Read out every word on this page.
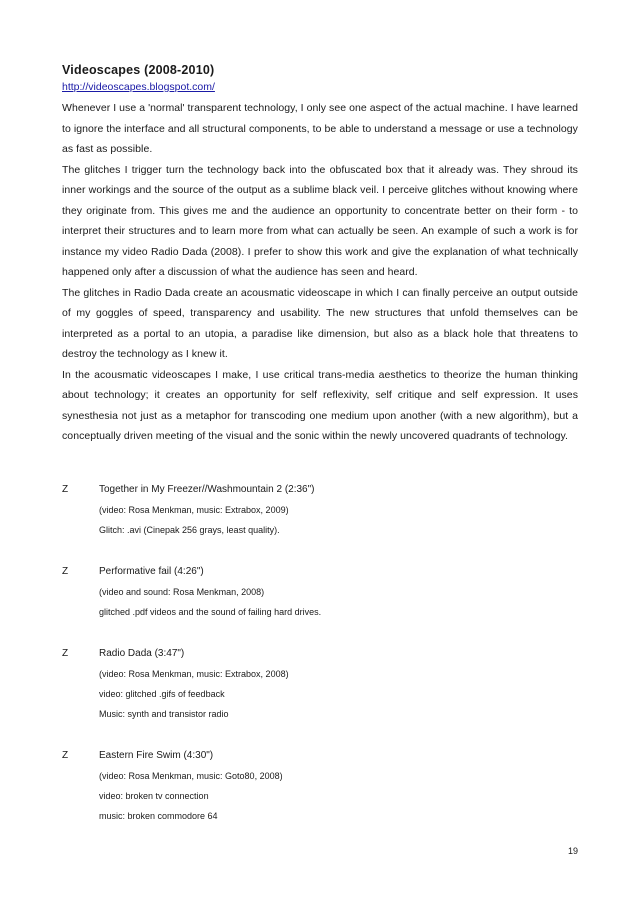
Videoscapes (2008-2010)
http://videoscapes.blogspot.com/

Whenever I use a 'normal' transparent technology, I only see one aspect of the actual machine. I have learned to ignore the interface and all structural components, to be able to understand a message or use a technology as fast as possible.

The glitches I trigger turn the technology back into the obfuscated box that it already was. They shroud its inner workings and the source of the output as a sublime black veil. I perceive glitches without knowing where they originate from. This gives me and the audience an opportunity to concentrate better on their form - to interpret their structures and to learn more from what can actually be seen. An example of such a work is for instance my video Radio Dada (2008). I prefer to show this work and give the explanation of what technically happened only after a discussion of what the audience has seen and heard.

The glitches in Radio Dada create an acousmatic videoscape in which I can finally perceive an output outside of my goggles of speed, transparency and usability. The new structures that unfold themselves can be interpreted as a portal to an utopia, a paradise like dimension, but also as a black hole that threatens to destroy the technology as I knew it.

In the acousmatic videoscapes I make, I use critical trans-media aesthetics to theorize the human thinking about technology; it creates an opportunity for self reflexivity, self critique and self expression. It uses synesthesia not just as a metaphor for transcoding one medium upon another (with a new algorithm), but a conceptually driven meeting of the visual and the sonic within the newly uncovered quadrants of technology.

Z	Together in My Freezer//Washmountain 2 (2:36")

(video: Rosa Menkman, music: Extrabox, 2009)

Glitch: .avi (Cinepak 256 grays, least quality).

Z	Performative fail (4:26")

(video and sound: Rosa Menkman, 2008)

glitched .pdf videos and the sound of failing hard drives.

Z	Radio Dada (3:47")

(video: Rosa Menkman, music: Extrabox, 2008)

video: glitched .gifs of feedback

Music: synth and transistor radio

Z	Eastern Fire Swim (4:30")

(video: Rosa Menkman, music: Goto80, 2008)

video: broken tv connection

music: broken commodore 64

19
